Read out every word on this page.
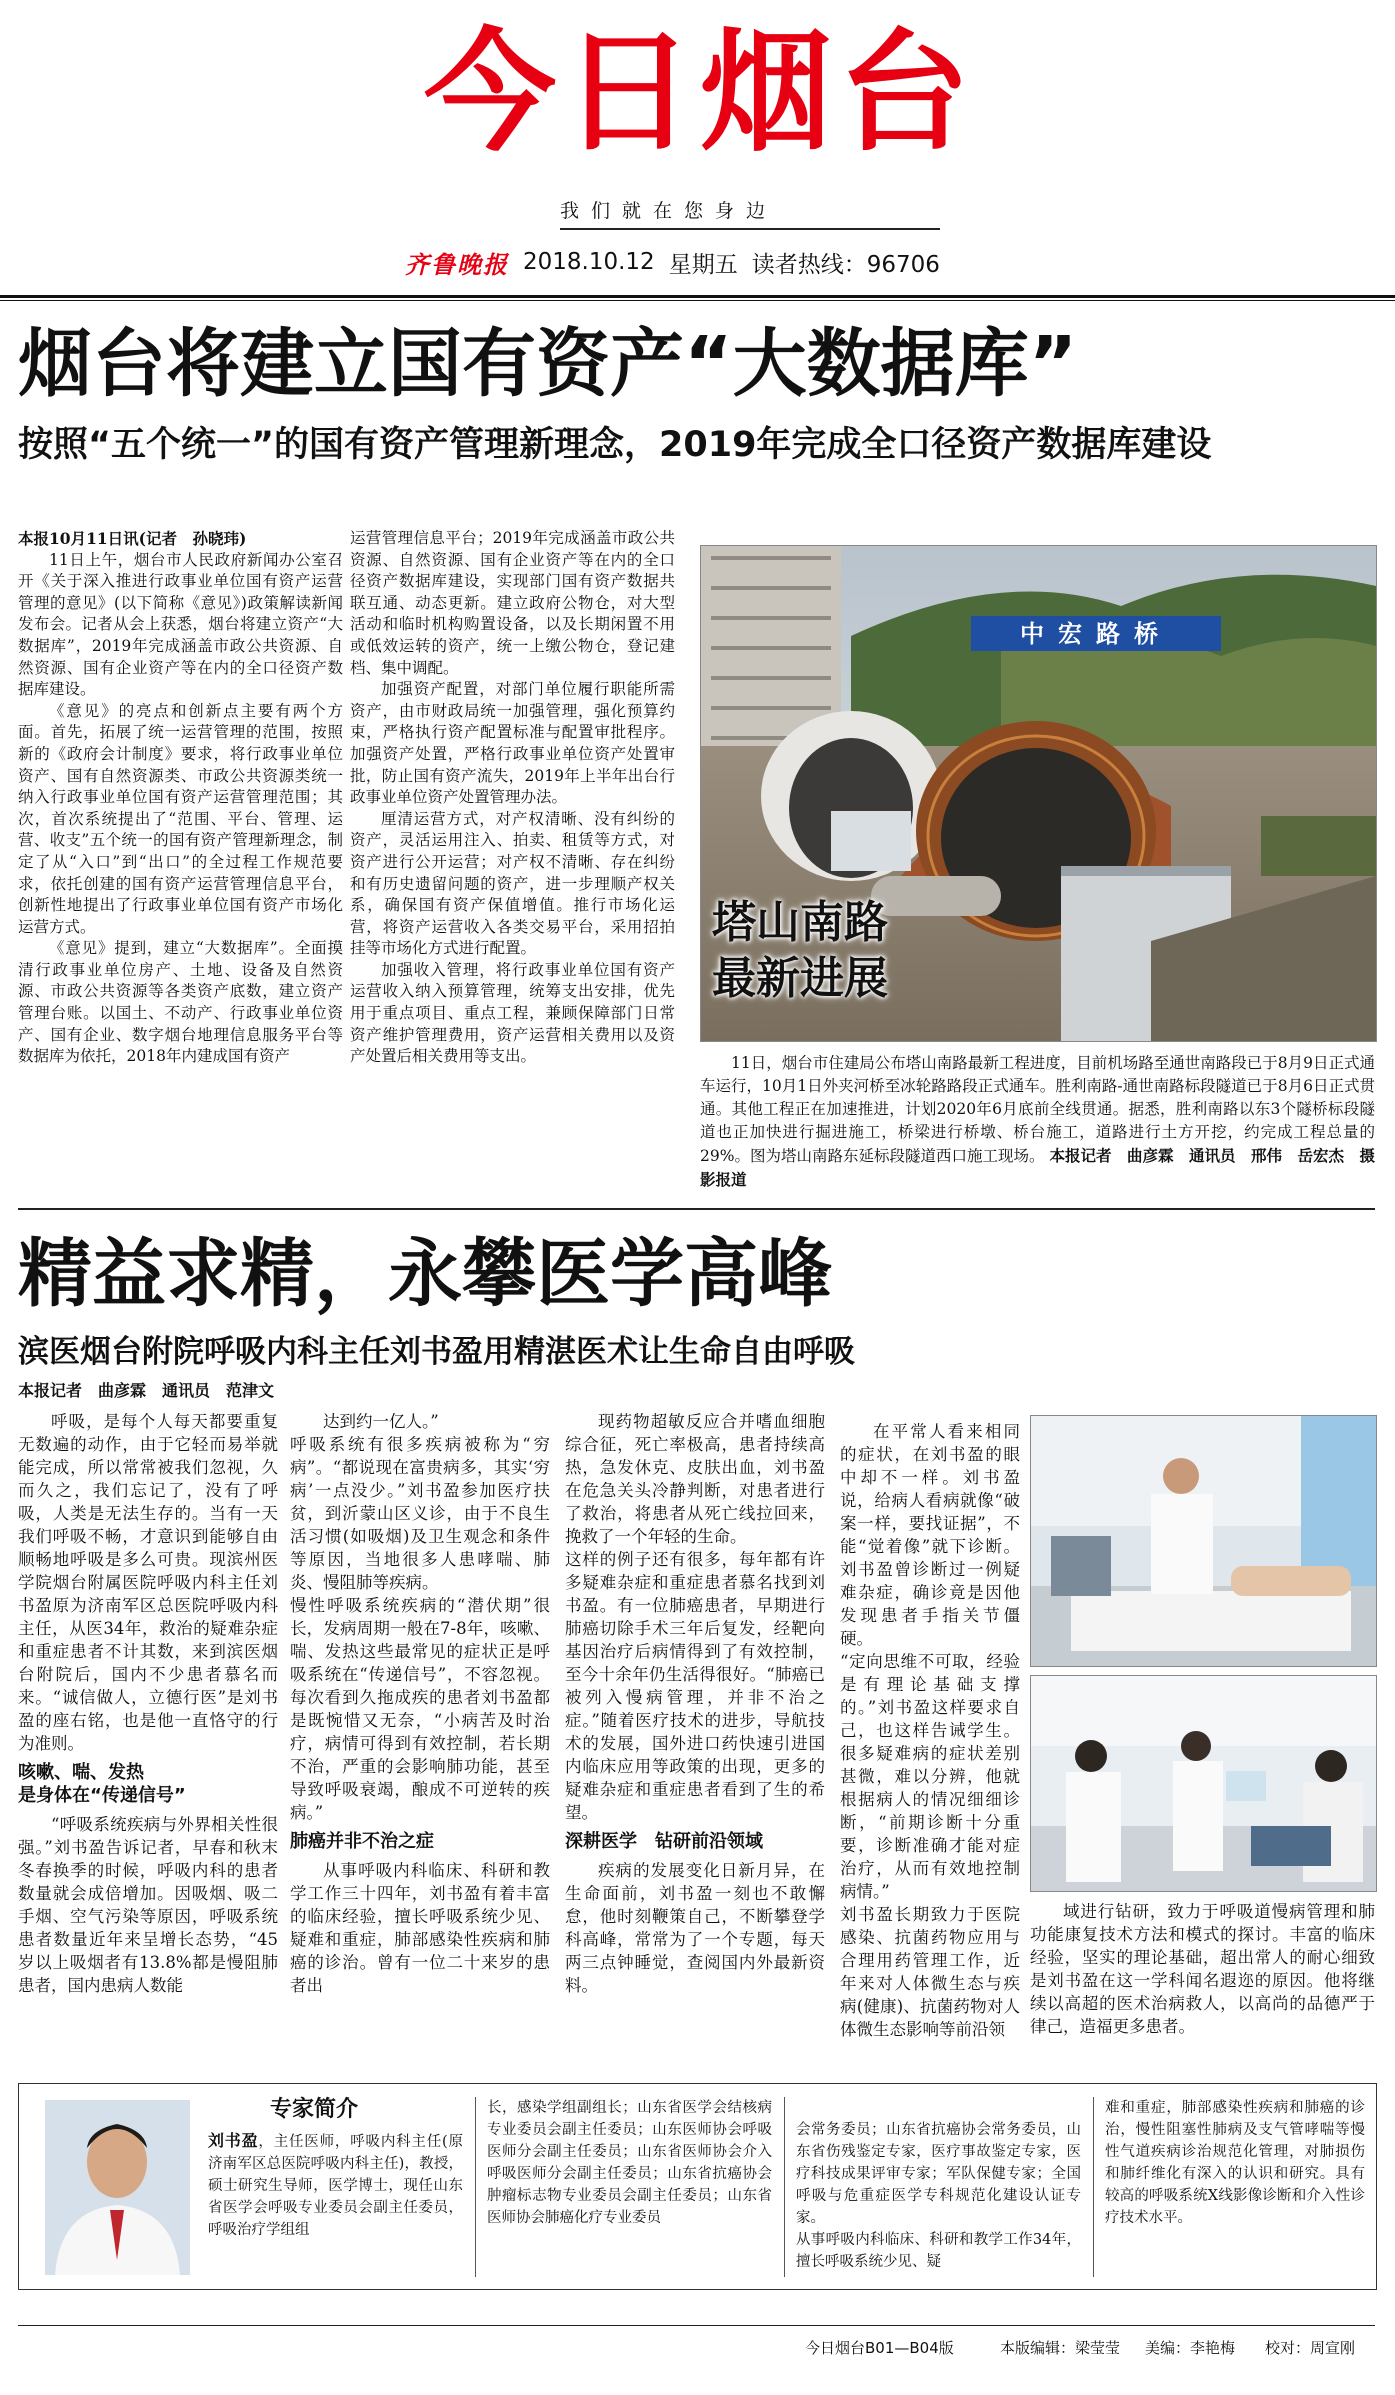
今日烟台
我们就在您身边
齐鲁晚报 2018.10.12 星期五 读者热线：96706
烟台将建立国有资产“大数据库”
按照“五个统一”的国有资产管理新理念，2019年完成全口径资产数据库建设

本报10月11日讯(记者　孙晓玮)

11日上午，烟台市人民政府新闻办公室召开《关于深入推进行政事业单位国有资产运营管理的意见》(以下简称《意见》)政策解读新闻发布会。记者从会上获悉，烟台将建立资产“大数据库”，2019年完成涵盖市政公共资源、自然资源、国有企业资产等在内的全口径资产数据库建设。

《意见》的亮点和创新点主要有两个方面。首先，拓展了统一运营管理的范围，按照新的《政府会计制度》要求，将行政事业单位资产、国有自然资源类、市政公共资源类统一纳入行政事业单位国有资产运营管理范围；其次，首次系统提出了“范围、平台、管理、运营、收支”五个统一的国有资产管理新理念，制定了从“入口”到“出口”的全过程工作规范要求，依托创建的国有资产运营管理信息平台，创新性地提出了行政事业单位国有资产市场化运营方式。

《意见》提到，建立“大数据库”。全面摸清行政事业单位房产、土地、设备及自然资源、市政公共资源等各类资产底数，建立资产管理台账。以国土、不动产、行政事业单位资产、国有企业、数字烟台地理信息服务平台等数据库为依托，2018年内建成国有资产

运营管理信息平台；2019年完成涵盖市政公共资源、自然资源、国有企业资产等在内的全口径资产数据库建设，实现部门国有资产数据共联互通、动态更新。建立政府公物仓，对大型活动和临时机构购置设备，以及长期闲置不用或低效运转的资产，统一上缴公物仓，登记建档、集中调配。

加强资产配置，对部门单位履行职能所需资产，由市财政局统一加强管理，强化预算约束，严格执行资产配置标准与配置审批程序。加强资产处置，严格行政事业单位资产处置审批，防止国有资产流失，2019年上半年出台行政事业单位资产处置管理办法。

厘清运营方式，对产权清晰、没有纠纷的资产，灵活运用注入、拍卖、租赁等方式，对资产进行公开运营；对产权不清晰、存在纠纷和有历史遗留问题的资产，进一步理顺产权关系，确保国有资产保值增值。推行市场化运营，将资产运营收入各类交易平台，采用招拍挂等市场化方式进行配置。

加强收入管理，将行政事业单位国有资产运营收入纳入预算管理，统筹支出安排，优先用于重点项目、重点工程，兼顾保障部门日常资产维护管理费用，资产运营相关费用以及资产处置后相关费用等支出。

中宏路桥
塔山南路
最新进展
11日，烟台市住建局公布塔山南路最新工程进度，目前机场路至通世南路段已于8月9日正式通车运行，10月1日外夹河桥至冰轮路路段正式通车。胜利南路-通世南路标段隧道已于8月6日正式贯通。其他工程正在加速推进，计划2020年6月底前全线贯通。据悉，胜利南路以东3个隧桥标段隧道也正加快进行掘进施工，桥梁进行桥墩、桥台施工，道路进行土方开挖，约完成工程总量的29%。图为塔山南路东延标段隧道西口施工现场。 本报记者　曲彦霖　通讯员　邢伟　岳宏杰　摄影报道
精益求精，永攀医学高峰
滨医烟台附院呼吸内科主任刘书盈用精湛医术让生命自由呼吸
本报记者　曲彦霖　通讯员　范津文

呼吸，是每个人每天都要重复无数遍的动作，由于它轻而易举就能完成，所以常常被我们忽视，久而久之，我们忘记了，没有了呼吸，人类是无法生存的。当有一天我们呼吸不畅，才意识到能够自由顺畅地呼吸是多么可贵。现滨州医学院烟台附属医院呼吸内科主任刘书盈原为济南军区总医院呼吸内科主任，从医34年，救治的疑难杂症和重症患者不计其数，来到滨医烟台附院后，国内不少患者慕名而来。“诚信做人，立德行医”是刘书盈的座右铭，也是他一直恪守的行为准则。

咳嗽、喘、发热
是身体在“传递信号”

“呼吸系统疾病与外界相关性很强。”刘书盈告诉记者，早春和秋末冬春换季的时候，呼吸内科的患者数量就会成倍增加。因吸烟、吸二手烟、空气污染等原因，呼吸系统患者数量近年来呈增长态势，“45岁以上吸烟者有13.8%都是慢阻肺患者，国内患病人数能

达到约一亿人。”
呼吸系统有很多疾病被称为“穷病”。“都说现在富贵病多，其实‘穷病’一点没少。”刘书盈参加医疗扶贫，到沂蒙山区义诊，由于不良生活习惯(如吸烟)及卫生观念和条件等原因，当地很多人患哮喘、肺炎、慢阻肺等疾病。
慢性呼吸系统疾病的“潜伏期”很长，发病周期一般在7-8年，咳嗽、喘、发热这些最常见的症状正是呼吸系统在“传递信号”，不容忽视。每次看到久拖成疾的患者刘书盈都是既惋惜又无奈，“小病苦及时治疗，病情可得到有效控制，若长期不治，严重的会影响肺功能，甚至导致呼吸衰竭，酿成不可逆转的疾病。”

肺癌并非不治之症

从事呼吸内科临床、科研和教学工作三十四年，刘书盈有着丰富的临床经验，擅长呼吸系统少见、疑难和重症，肺部感染性疾病和肺癌的诊治。曾有一位二十来岁的患者出

现药物超敏反应合并嗜血细胞综合征，死亡率极高，患者持续高热，急发休克、皮肤出血，刘书盈在危急关头冷静判断，对患者进行了救治，将患者从死亡线拉回来，挽救了一个年轻的生命。
这样的例子还有很多，每年都有许多疑难杂症和重症患者慕名找到刘书盈。有一位肺癌患者，早期进行肺癌切除手术三年后复发，经靶向基因治疗后病情得到了有效控制，至今十余年仍生活得很好。“肺癌已被列入慢病管理，并非不治之症。”随着医疗技术的进步，导航技术的发展，国外进口药快速引进国内临床应用等政策的出现，更多的疑难杂症和重症患者看到了生的希望。

深耕医学　钻研前沿领域

疾病的发展变化日新月异，在生命面前，刘书盈一刻也不敢懈怠，他时刻鞭策自己，不断攀登学科高峰，常常为了一个专题，每天两三点钟睡觉，查阅国内外最新资料。

在平常人看来相同的症状，在刘书盈的眼中却不一样。刘书盈说，给病人看病就像“破案一样，要找证据”，不能“觉着像”就下诊断。刘书盈曾诊断过一例疑难杂症，确诊竟是因他发现患者手指关节僵硬。
“定向思维不可取，经验是有理论基础支撑的。”刘书盈这样要求自己，也这样告诫学生。很多疑难病的症状差别甚微，难以分辨，他就根据病人的情况细细诊断，“前期诊断十分重要，诊断准确才能对症治疗，从而有效地控制病情。”
刘书盈长期致力于医院感染、抗菌药物应用与合理用药管理工作，近年来对人体微生态与疾病(健康)、抗菌药物对人体微生态影响等前沿领

域进行钻研，致力于呼吸道慢病管理和肺功能康复技术方法和模式的探讨。丰富的临床经验，坚实的理论基础，超出常人的耐心细致是刘书盈在这一学科闻名遐迩的原因。他将继续以高超的医术治病救人，以高尚的品德严于律己，造福更多患者。

专家简介
刘书盈，主任医师，呼吸内科主任(原济南军区总医院呼吸内科主任)，教授，硕士研究生导师，医学博士，现任山东省医学会呼吸专业委员会副主任委员，呼吸治疗学组组
长，感染学组副组长；山东省医学会结核病专业委员会副主任委员；山东医师协会呼吸医师分会副主任委员；山东省医师协会介入呼吸医师分会副主任委员；山东省抗癌协会肿瘤标志物专业委员会副主任委员；山东省医师协会肺癌化疗专业委员

会常务委员；山东省抗癌协会常务委员，山东省伤残鉴定专家，医疗事故鉴定专家，医疗科技成果评审专家；军队保健专家；全国呼吸与危重症医学专科规范化建设认证专家。
从事呼吸内科临床、科研和教学工作34年，擅长呼吸系统少见、疑

难和重症，肺部感染性疾病和肺癌的诊治，慢性阻塞性肺病及支气管哮喘等慢性气道疾病诊治规范化管理，对肺损伤和肺纤维化有深入的认识和研究。具有较高的呼吸系统X线影像诊断和介入性诊疗技术水平。
今日烟台B01—B04版	本版编辑：梁莹莹 美编：李艳梅 校对：周宣刚
